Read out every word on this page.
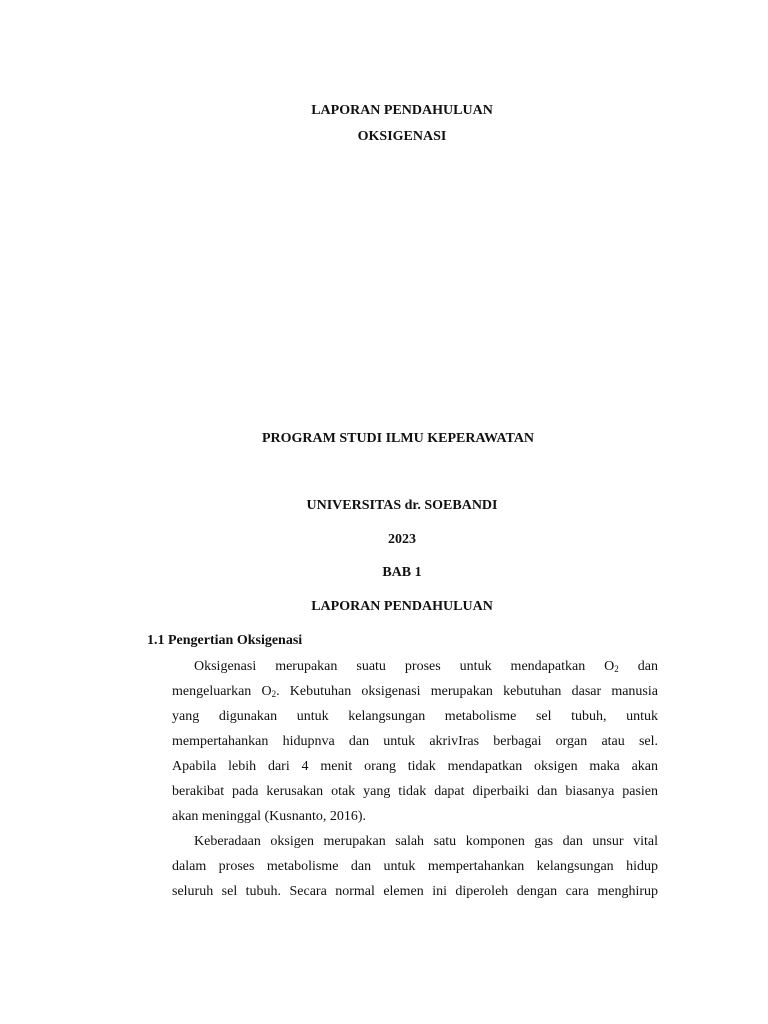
LAPORAN PENDAHULUAN
OKSIGENASI
PROGRAM STUDI ILMU KEPERAWATAN
UNIVERSITAS dr. SOEBANDI
2023
BAB 1
LAPORAN PENDAHULUAN
1.1 Pengertian Oksigenasi
Oksigenasi merupakan suatu proses untuk mendapatkan $O_2$ dan
mengeluarkan $O_2$. Kebutuhan oksigenasi merupakan kebutuhan dasar manusia
yang digunakan untuk kelangsungan metabolisme sel tubuh, untuk
mempertahankan hidupnva dan untuk akrivIras berbagai organ atau sel.
Apabila lebih dari 4 menit orang tidak mendapatkan oksigen maka akan
berakibat pada kerusakan otak yang tidak dapat diperbaiki dan biasanya pasien
akan meninggal (Kusnanto, 2016).
Keberadaan oksigen merupakan salah satu komponen gas dan unsur vital
dalam proses metabolisme dan untuk mempertahankan kelangsungan hidup
seluruh sel tubuh. Secara normal elemen ini diperoleh dengan cara menghirup
